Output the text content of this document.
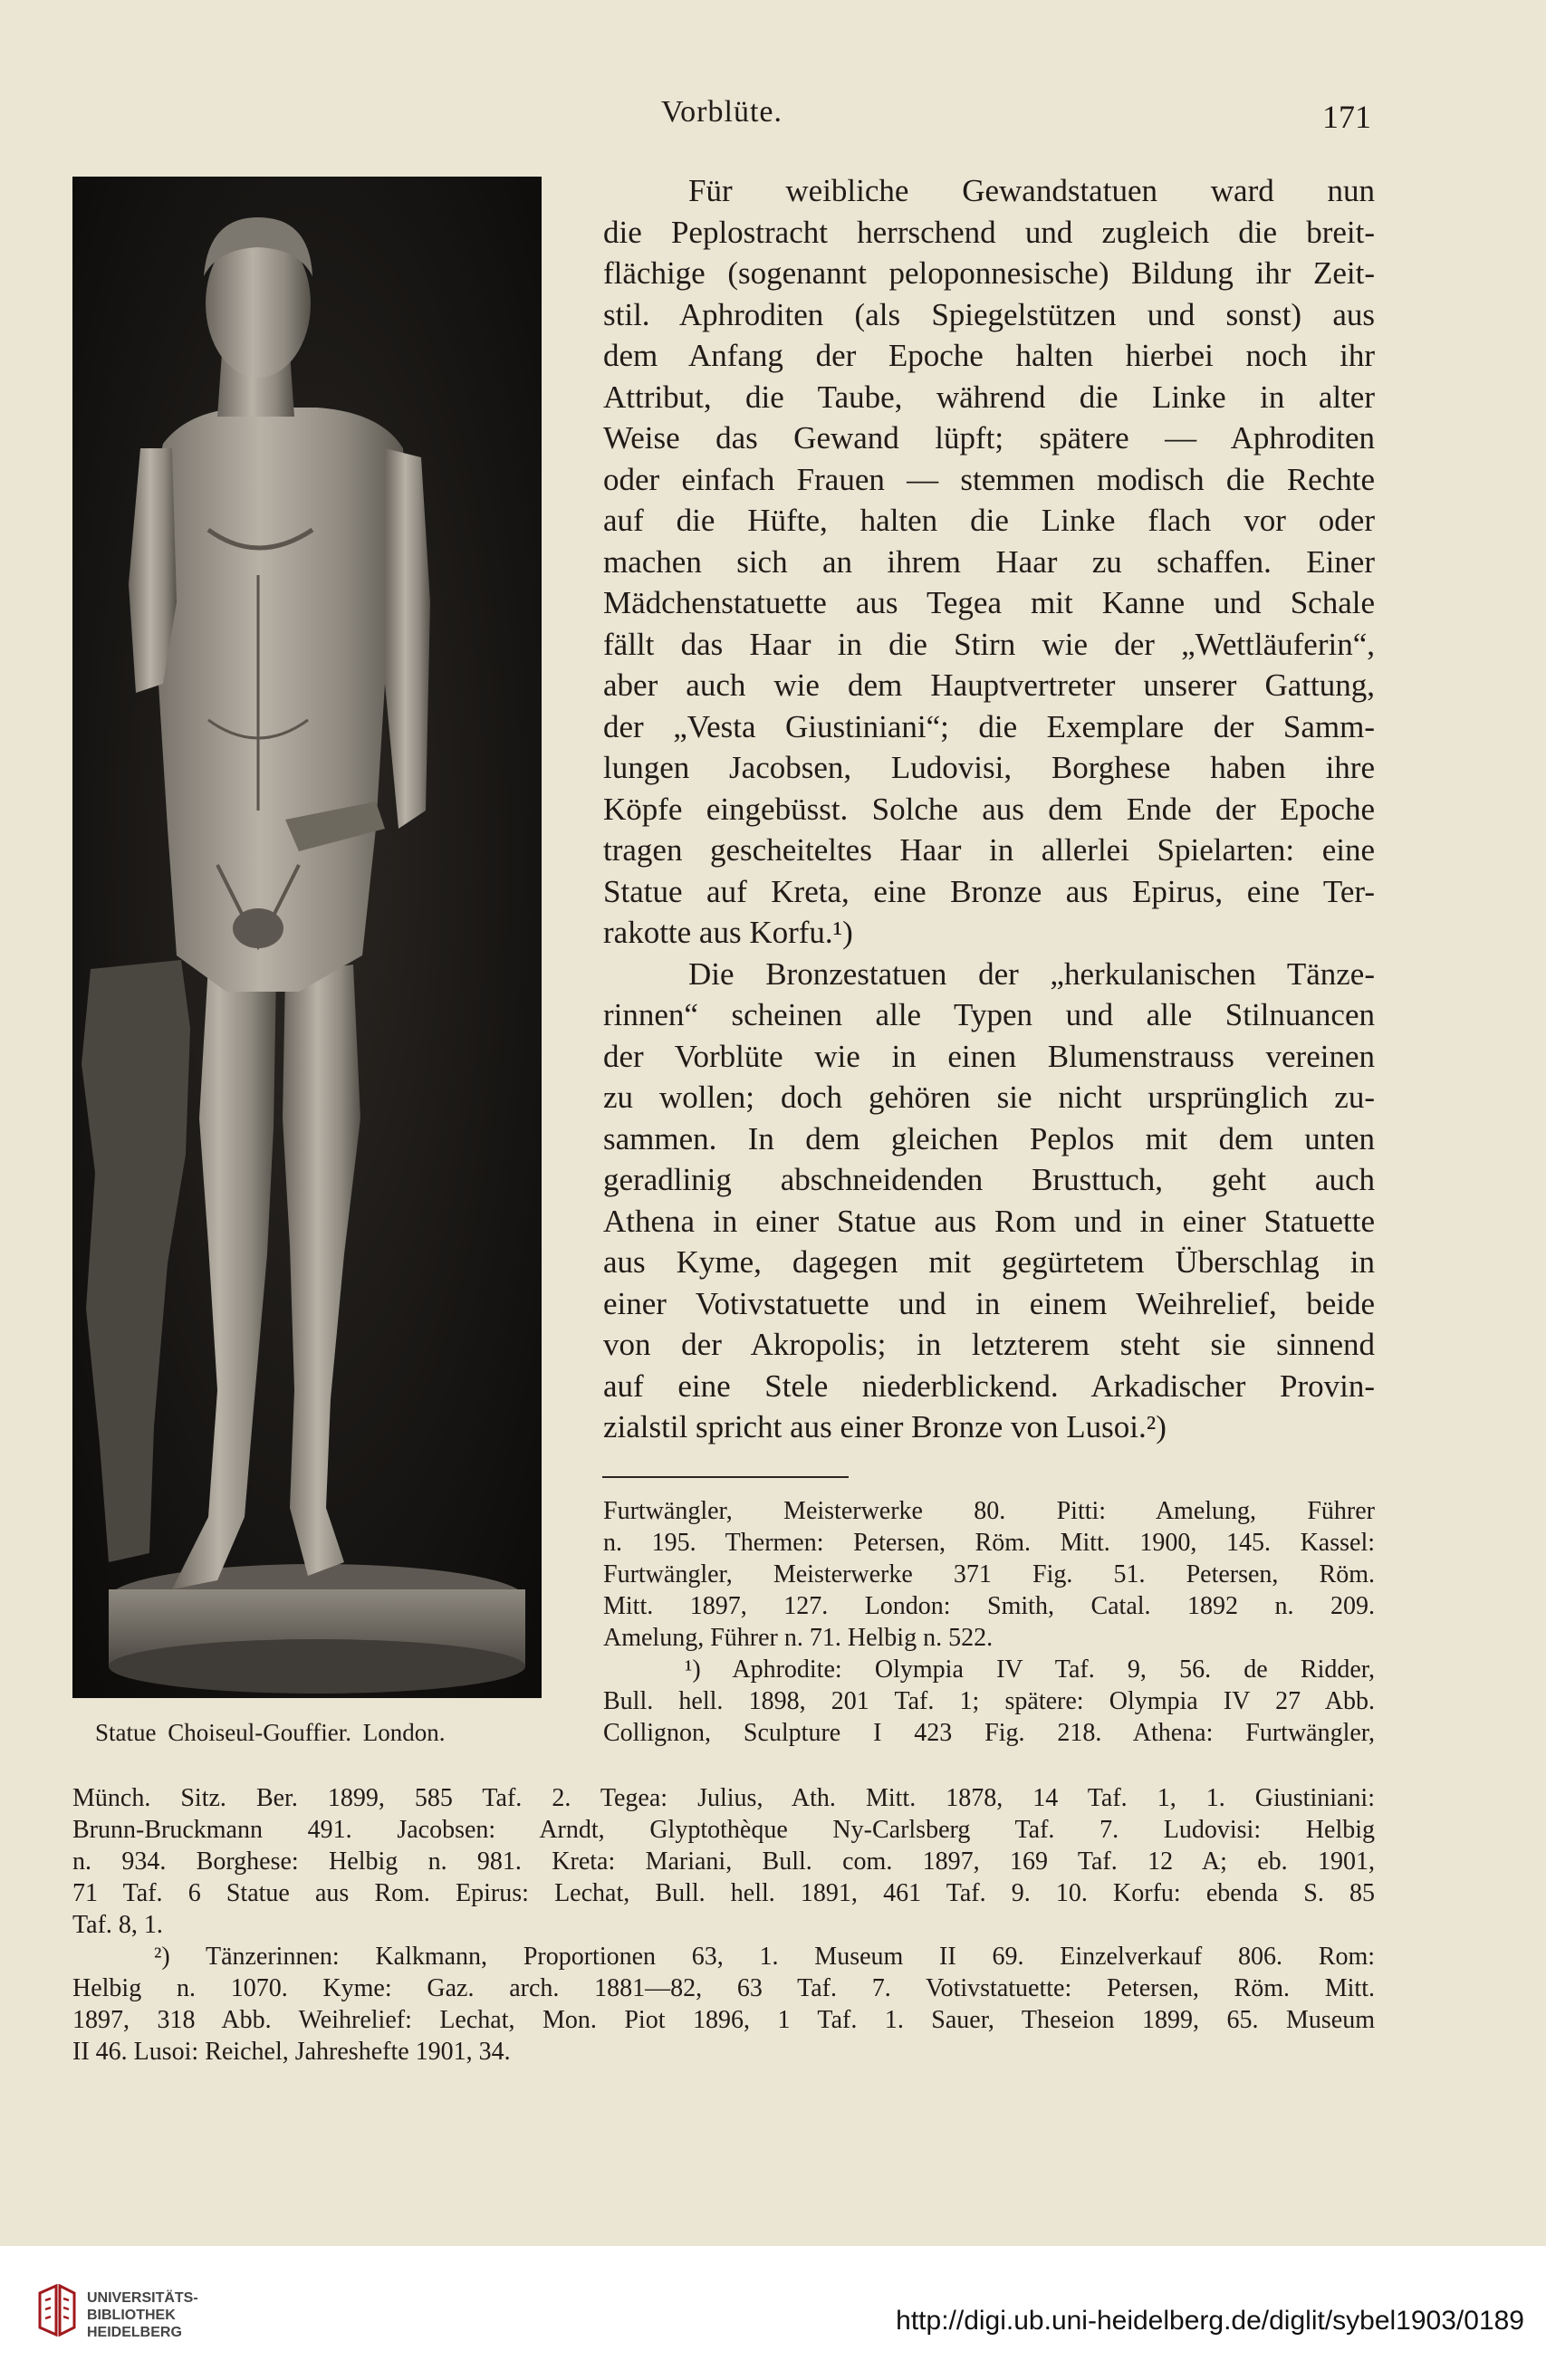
Vorblüte.	171
Statue Choiseul-Gouffier. London.
Für weibliche Gewandstatuen ward nun
die Peplostracht herrschend und zugleich die breit-
flächige (sogenannt peloponnesische) Bildung ihr Zeit-
stil. Aphroditen (als Spiegelstützen und sonst) aus
dem Anfang der Epoche halten hierbei noch ihr
Attribut, die Taube, während die Linke in alter
Weise das Gewand lüpft; spätere — Aphroditen
oder einfach Frauen — stemmen modisch die Rechte
auf die Hüfte, halten die Linke flach vor oder
machen sich an ihrem Haar zu schaffen. Einer
Mädchenstatuette aus Tegea mit Kanne und Schale
fällt das Haar in die Stirn wie der „Wettläuferin“,
aber auch wie dem Hauptvertreter unserer Gattung,
der „Vesta Giustiniani“; die Exemplare der Samm-
lungen Jacobsen, Ludovisi, Borghese haben ihre
Köpfe eingebüsst. Solche aus dem Ende der Epoche
tragen gescheiteltes Haar in allerlei Spielarten: eine
Statue auf Kreta, eine Bronze aus Epirus, eine Ter-
rakotte aus Korfu.¹)
Die Bronzestatuen der „herkulanischen Tänze-
rinnen“ scheinen alle Typen und alle Stilnuancen
der Vorblüte wie in einen Blumenstrauss vereinen
zu wollen; doch gehören sie nicht ursprünglich zu-
sammen. In dem gleichen Peplos mit dem unten
geradlinig abschneidenden Brusttuch, geht auch
Athena in einer Statue aus Rom und in einer Statuette
aus Kyme, dagegen mit gegürtetem Überschlag in
einer Votivstatuette und in einem Weihrelief, beide
von der Akropolis; in letzterem steht sie sinnend
auf eine Stele niederblickend. Arkadischer Provin-
zialstil spricht aus einer Bronze von Lusoi.²)
Furtwängler, Meisterwerke 80. Pitti: Amelung, Führer
n. 195. Thermen: Petersen, Röm. Mitt. 1900, 145. Kassel:
Furtwängler, Meisterwerke 371 Fig. 51. Petersen, Röm.
Mitt. 1897, 127. London: Smith, Catal. 1892 n. 209.
Amelung, Führer n. 71. Helbig n. 522.
¹) Aphrodite: Olympia IV Taf. 9, 56. de Ridder,
Bull. hell. 1898, 201 Taf. 1; spätere: Olympia IV 27 Abb.
Collignon, Sculpture I 423 Fig. 218. Athena: Furtwängler,
Münch. Sitz. Ber. 1899, 585 Taf. 2. Tegea: Julius, Ath. Mitt. 1878, 14 Taf. 1, 1. Giustiniani:
Brunn-Bruckmann 491. Jacobsen: Arndt, Glyptothèque Ny-Carlsberg Taf. 7. Ludovisi: Helbig
n. 934. Borghese: Helbig n. 981. Kreta: Mariani, Bull. com. 1897, 169 Taf. 12 A; eb. 1901,
71 Taf. 6 Statue aus Rom. Epirus: Lechat, Bull. hell. 1891, 461 Taf. 9. 10. Korfu: ebenda S. 85
Taf. 8, 1.
²) Tänzerinnen: Kalkmann, Proportionen 63, 1. Museum II 69. Einzelverkauf 806. Rom:
Helbig n. 1070. Kyme: Gaz. arch. 1881—82, 63 Taf. 7. Votivstatuette: Petersen, Röm. Mitt.
1897, 318 Abb. Weihrelief: Lechat, Mon. Piot 1896, 1 Taf. 1. Sauer, Theseion 1899, 65. Museum
II 46. Lusoi: Reichel, Jahreshefte 1901, 34.
UNIVERSITÄTS-
BIBLIOTHEK
HEIDELBERG	http://digi.ub.uni-heidelberg.de/diglit/sybel1903/0189
